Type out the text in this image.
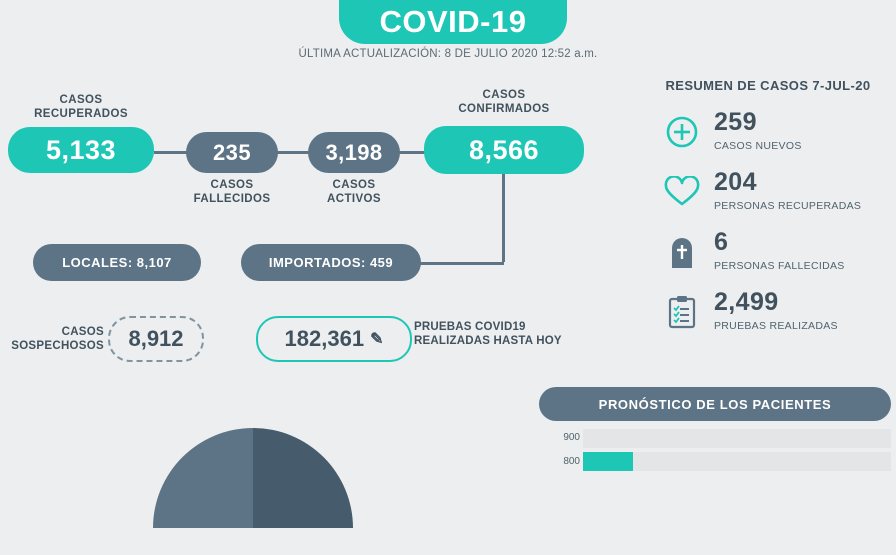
COVID-19
ÚLTIMA ACTUALIZACIÓN: 8 DE JULIO 2020 12:52 a.m.
CASOS
RECUPERADOS
5,133	235
CASOS
FALLECIDOS
3,198
CASOS
ACTIVOS
CASOS
CONFIRMADOS
8,566
LOCALES: 8,107	IMPORTADOS: 459
CASOS
SOSPECHOSOS 8,912	182,361 ✎
PRUEBAS COVID19
REALIZADAS HASTA HOY
RESUMEN DE CASOS 7-JUL-20
259
CASOS NUEVOS
204
PERSONAS RECUPERADAS
6
PERSONAS FALLECIDAS
2,499
PRUEBAS REALIZADAS
PRONÓSTICO DE LOS PACIENTES
900
800
